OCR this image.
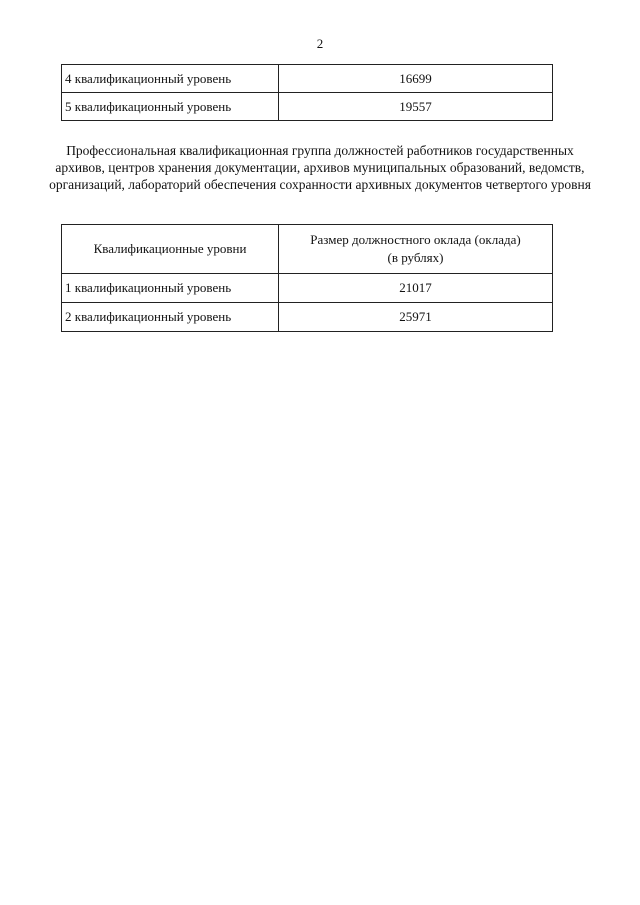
2
4 квалификационный уровень	16699
5 квалификационный уровень	19557
Профессиональная квалификационная группа должностей работников государственных архивов, центров хранения документации, архивов муниципальных образований, ведомств, организаций, лабораторий обеспечения сохранности архивных документов четвертого уровня
Квалификационные уровни	Размер должностного оклада (оклада)
(в рублях)
1 квалификационный уровень	21017
2 квалификационный уровень	25971
